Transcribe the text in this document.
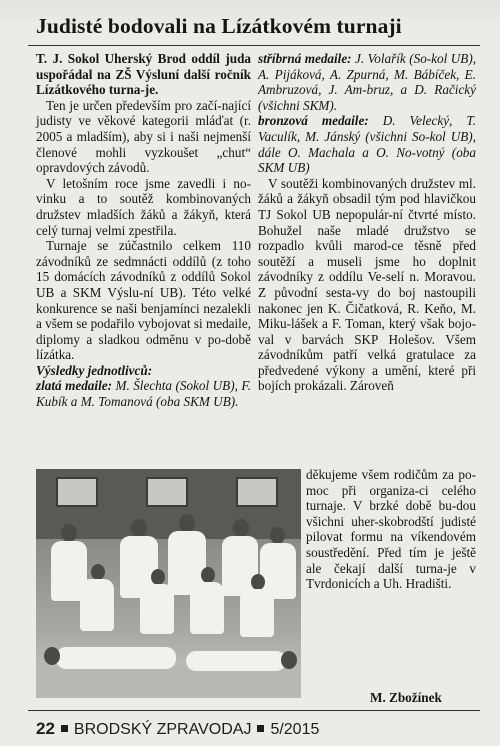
Judisté bodovali na Lízátkovém turnaji

T. J. Sokol Uherský Brod oddíl juda uspořádal na ZŠ Výsluní další ročník Lízátkového turna-je.

Ten je určen především pro začí-nající judisty ve věkové kategorii mláďat (r. 2005 a mladším), aby si i naši nejmenší členové mohli vyzkoušet „chut“ opravdových závodů.

V letošním roce jsme zavedli i no-vinku a to soutěž kombinovaných družstev mladších žáků a žákyň, která celý turnaj velmi zpestřila.

Turnaje se zúčastnilo celkem 110 závodníků ze sedmnácti oddílů (z toho 15 domácích závodníků z oddílů Sokol UB a SKM Výslu-ní UB). Této velké konkurence se naši benjamínci nezalekli a všem se podařilo vybojovat si medaile, diplomy a sladkou odměnu v po-době lízátka.

Výsledky jednotlivců:

zlatá medaile: M. Šlechta (Sokol UB), F. Kubík a M. Tomanová (oba SKM UB).

stříbrná medaile: J. Volařík (So-kol UB), A. Pijáková, A. Zpurná, M. Bábíček, E. Ambruzová, J. Am-bruz, a D. Račický (všichni SKM).

bronzová medaile: D. Velecký, T. Vaculík, M. Jánský (všichni So-kol UB), dále O. Machala a O. No-votný (oba SKM UB)

V soutěži kombinovaných družstev ml. žáků a žákyň obsadil tým pod hlavičkou TJ Sokol UB nepopulár-ní čtvrté místo. Bohužel naše mladé družstvo se rozpadlo kvůli marod-ce těsně před soutěží a museli jsme ho doplnit závodníky z oddílu Ve-selí n. Moravou. Z původní sesta-vy do boj nastoupili nakonec jen K. Čičatková, R. Keňo, M. Miku-lášek a F. Toman, který však bojo-val v barvách SKP Holešov. Všem závodníkům patří velká gratulace za předvedené výkony a umění, které při bojích prokázali. Zároveň

děkujeme všem rodičům za po-moc při organiza-ci celého turnaje. V brzké době bu-dou všichni uher-skobrodští judisté pilovat formu na víkendovém soustředění. Před tím je ještě ale čekají další turna-je v Tvrdonicích a Uh. Hradišti.

M. Zbožínek
22 BRODSKÝ ZPRAVODAJ 5/2015
